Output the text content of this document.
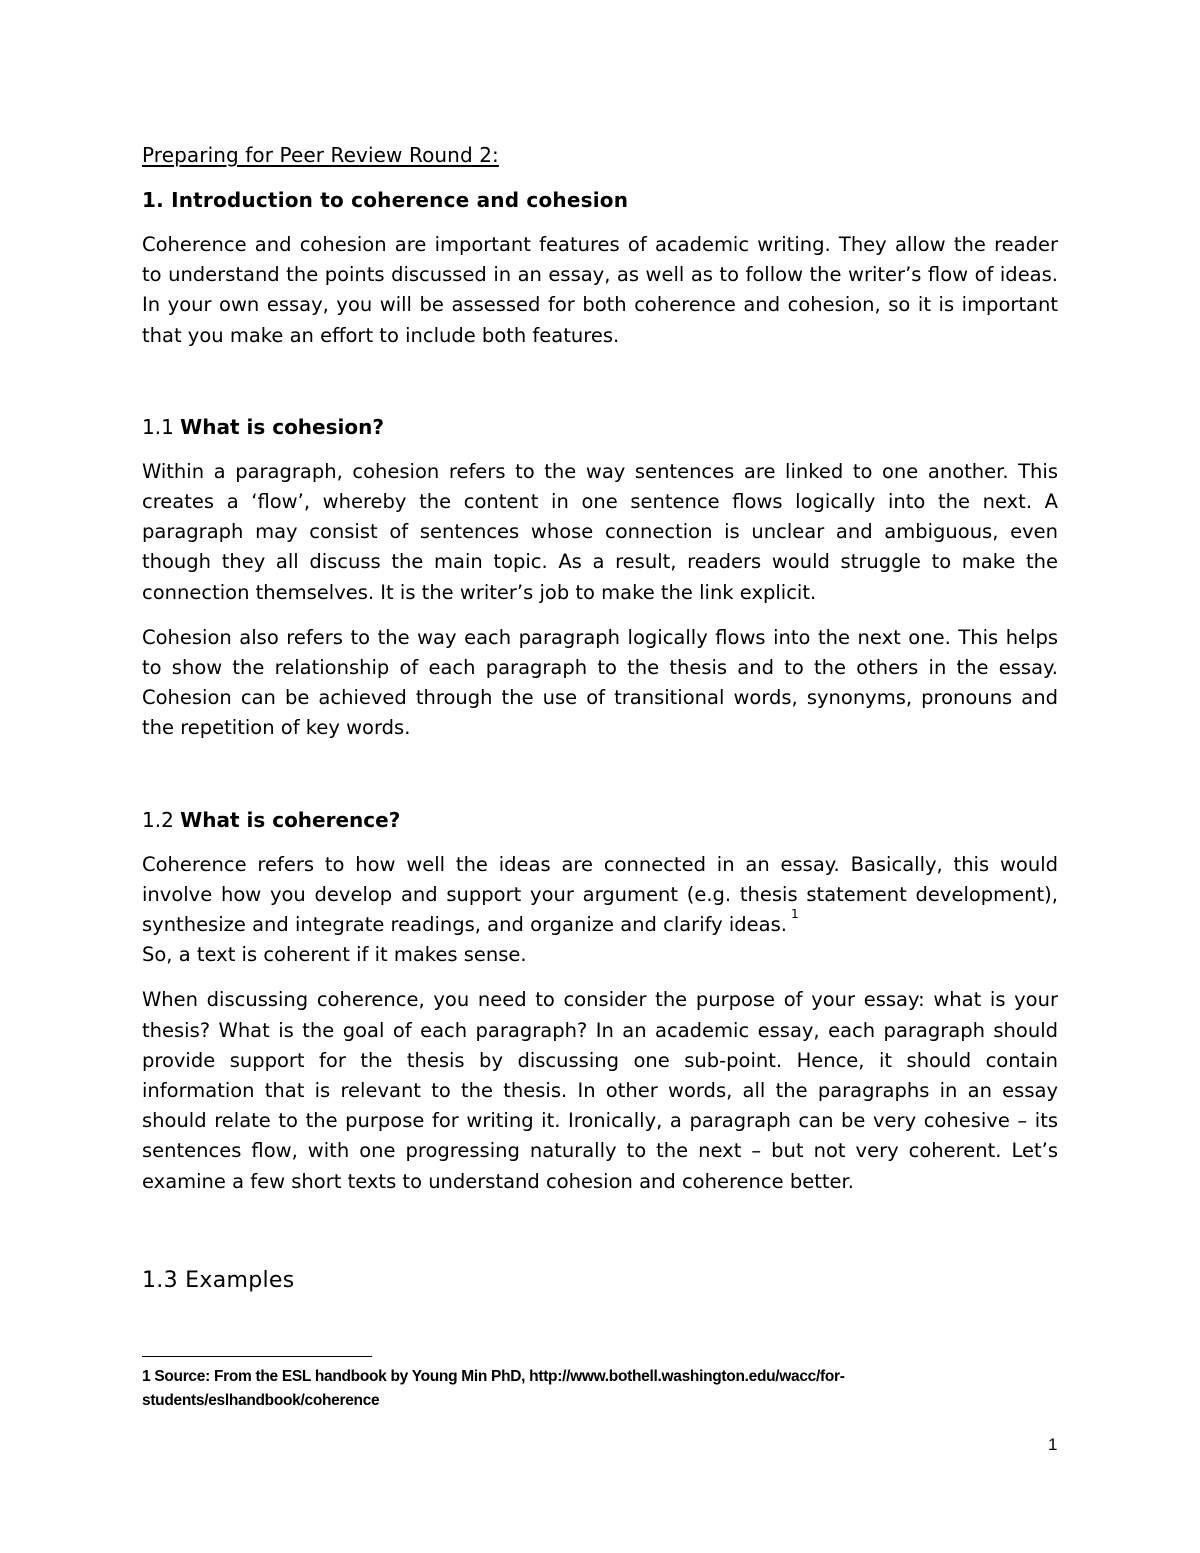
Preparing for Peer Review Round 2:
1. Introduction to coherence and cohesion

Coherence and cohesion are important features of academic writing. They allow the reader to understand the points discussed in an essay, as well as to follow the writer’s flow of ideas. In your own essay, you will be assessed for both coherence and cohesion, so it is important that you make an effort to include both features.

1.1 What is cohesion?

Within a paragraph, cohesion refers to the way sentences are linked to one another. This creates a ‘flow’, whereby the content in one sentence flows logically into the next. A paragraph may consist of sentences whose connection is unclear and ambiguous, even though they all discuss the main topic. As a result, readers would struggle to make the connection themselves. It is the writer’s job to make the link explicit.

Cohesion also refers to the way each paragraph logically flows into the next one. This helps to show the relationship of each paragraph to the thesis and to the others in the essay. Cohesion can be achieved through the use of transitional words, synonyms, pronouns and the repetition of key words.

1.2 What is coherence?

Coherence refers to how well the ideas are connected in an essay. Basically, this would involve how you develop and support your argument (e.g. thesis statement development), synthesize and integrate readings, and organize and clarify ideas. $^1$
So, a text is coherent if it makes sense.

When discussing coherence, you need to consider the purpose of your essay: what is your thesis? What is the goal of each paragraph? In an academic essay, each paragraph should provide support for the thesis by discussing one sub-point. Hence, it should contain information that is relevant to the thesis. In other words, all the paragraphs in an essay should relate to the purpose for writing it. Ironically, a paragraph can be very cohesive – its sentences flow, with one progressing naturally to the next – but not very coherent. Let’s examine a few short texts to understand cohesion and coherence better.

1.3 Examples
1 Source: From the ESL handbook by Young Min PhD, http://www.bothell.washington.edu/wacc/for-students/eslhandbook/coherence
1
